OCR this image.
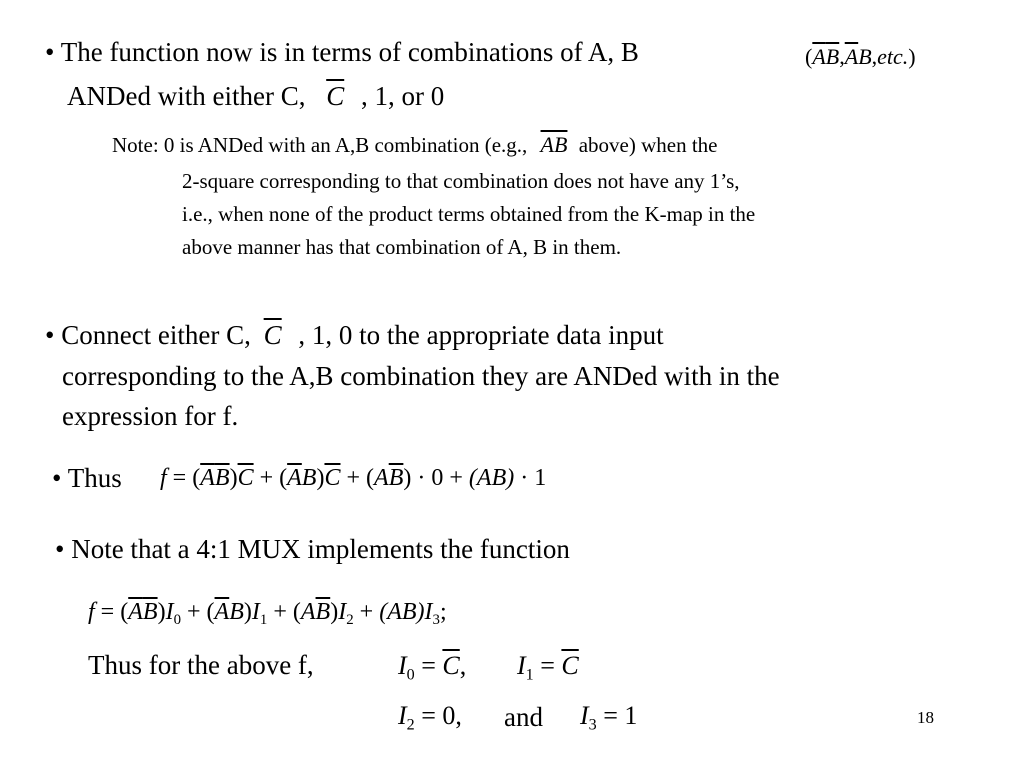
• The function now is in terms of combinations of A, B	$(\overline{A}\overline{B},\overline{A}B,etc.)$
ANDed with either C, $\overline{C}$ , 1, or 0
Note: 0 is ANDed with an A,B combination (e.g., AB above) when the
2-square corresponding to that combination does not have any 1’s,
i.e., when none of the product terms obtained from the K-map in the
above manner has that combination of A, B in them.
• Connect either C, $\overline{C}$ , 1, 0 to the appropriate data input
corresponding to the A,B combination they are ANDed with in the
expression for f.
• Thus $f = (\overline{A}\overline{B})\overline{C} + (\overline{A}B)\overline{C} + (A\overline{B}) \cdot 0 + (AB) \cdot 1$
• Note that a 4:1 MUX implements the function
$f = (\overline{A}\overline{B})I_0 + (\overline{A}B)I_1 + (A\overline{B})I_2 + (AB)I_3$;
Thus for the above f,	$I_0 = \overline{C}$, $I_1 = \overline{C}$
$I_2 = 0$, and $I_3 = 1$	18
